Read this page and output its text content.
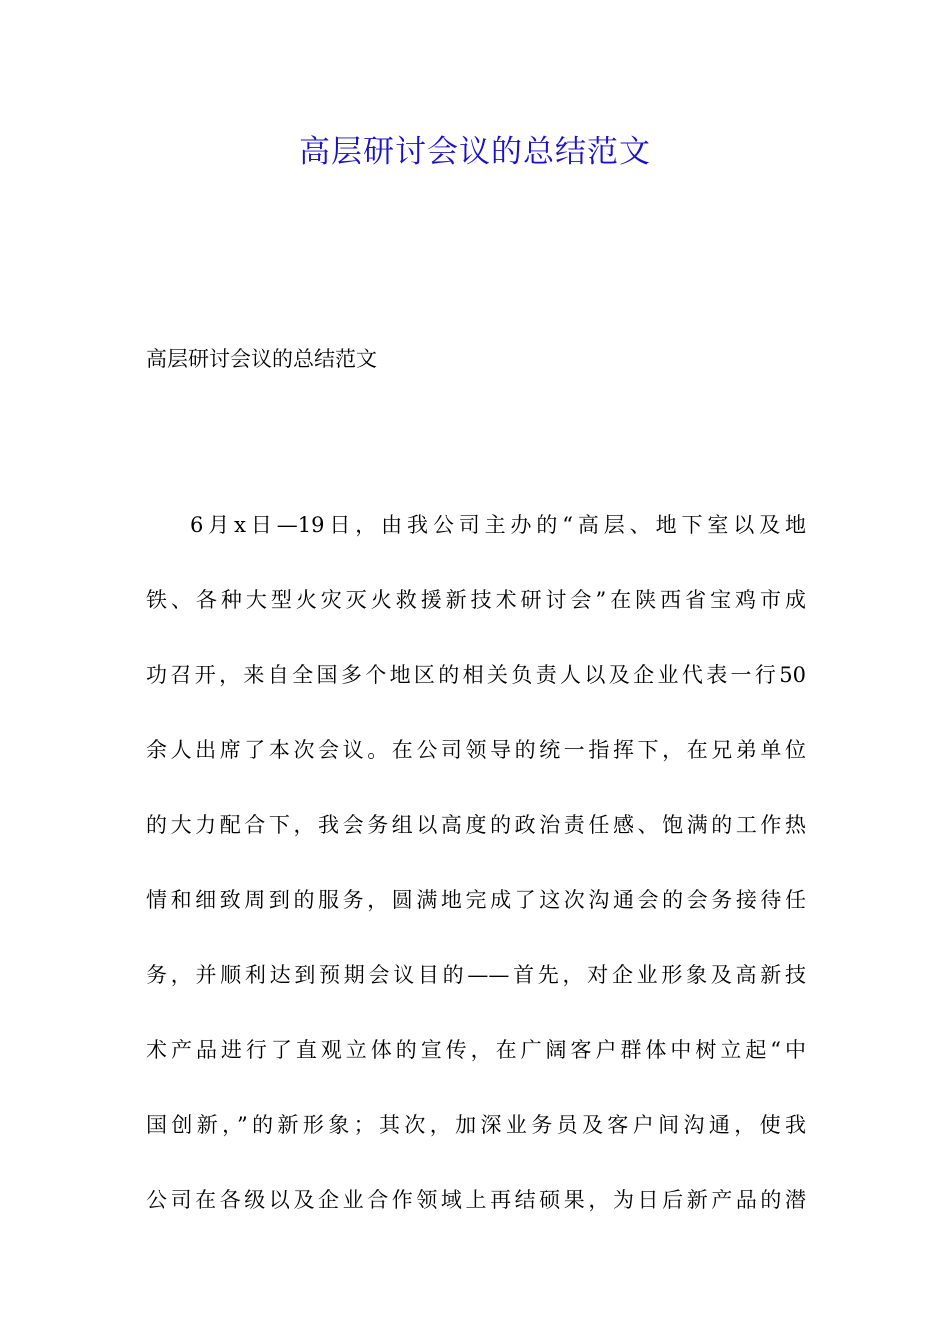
高层研讨会议的总结范文

高层研讨会议的总结范文

6月x日—19日，由我公司主办的“高层、地下室以及地
铁、各种大型火灾灭火救援新技术研讨会”在陕西省宝鸡市成
功召开，来自全国多个地区的相关负责人以及企业代表一行50
余人出席了本次会议。在公司领导的统一指挥下，在兄弟单位
的大力配合下，我会务组以高度的政治责任感、饱满的工作热
情和细致周到的服务，圆满地完成了这次沟通会的会务接待任
务，并顺利达到预期会议目的——首先，对企业形象及高新技
术产品进行了直观立体的宣传，在广阔客户群体中树立起“中
国创新，”的新形象；其次，加深业务员及客户间沟通，使我
公司在各级以及企业合作领域上再结硕果，为日后新产品的潜
